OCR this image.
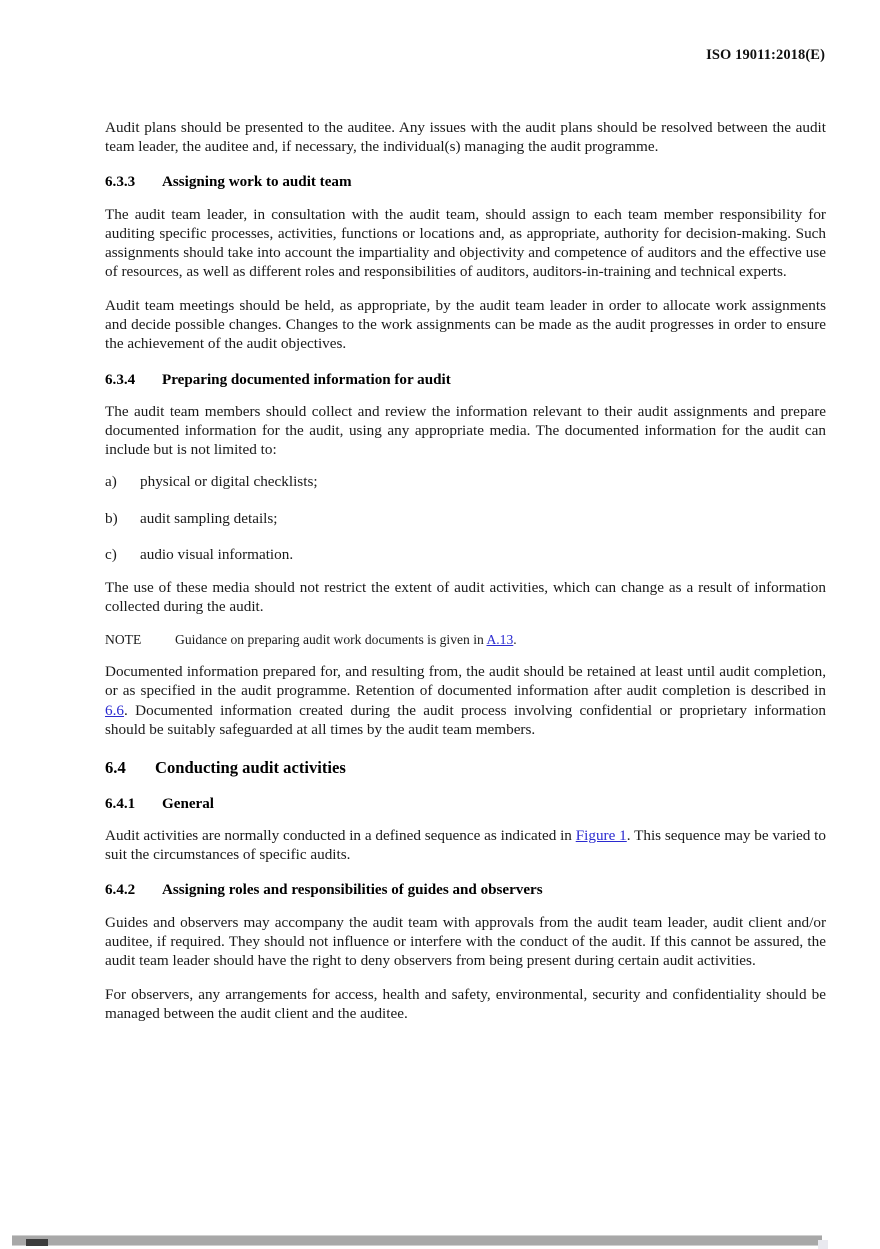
ISO 19011:2018(E)

Audit plans should be presented to the auditee. Any issues with the audit plans should be resolved between the audit team leader, the auditee and, if necessary, the individual(s) managing the audit programme.

6.3.3 Assigning work to audit team

The audit team leader, in consultation with the audit team, should assign to each team member responsibility for auditing specific processes, activities, functions or locations and, as appropriate, authority for decision-making. Such assignments should take into account the impartiality and objectivity and competence of auditors and the effective use of resources, as well as different roles and responsibilities of auditors, auditors-in-training and technical experts.

Audit team meetings should be held, as appropriate, by the audit team leader in order to allocate work assignments and decide possible changes. Changes to the work assignments can be made as the audit progresses in order to ensure the achievement of the audit objectives.

6.3.4 Preparing documented information for audit

The audit team members should collect and review the information relevant to their audit assignments and prepare documented information for the audit, using any appropriate media. The documented information for the audit can include but is not limited to:

a) physical or digital checklists;
b) audit sampling details;
c) audio visual information.

The use of these media should not restrict the extent of audit activities, which can change as a result of information collected during the audit.

NOTE Guidance on preparing audit work documents is given in A.13.

Documented information prepared for, and resulting from, the audit should be retained at least until audit completion, or as specified in the audit programme. Retention of documented information after audit completion is described in 6.6. Documented information created during the audit process involving confidential or proprietary information should be suitably safeguarded at all times by the audit team members.

6.4 Conducting audit activities
6.4.1 General

Audit activities are normally conducted in a defined sequence as indicated in Figure 1. This sequence may be varied to suit the circumstances of specific audits.

6.4.2 Assigning roles and responsibilities of guides and observers

Guides and observers may accompany the audit team with approvals from the audit team leader, audit client and/or auditee, if required. They should not influence or interfere with the conduct of the audit. If this cannot be assured, the audit team leader should have the right to deny observers from being present during certain audit activities.

For observers, any arrangements for access, health and safety, environmental, security and confidentiality should be managed between the audit client and the auditee.
